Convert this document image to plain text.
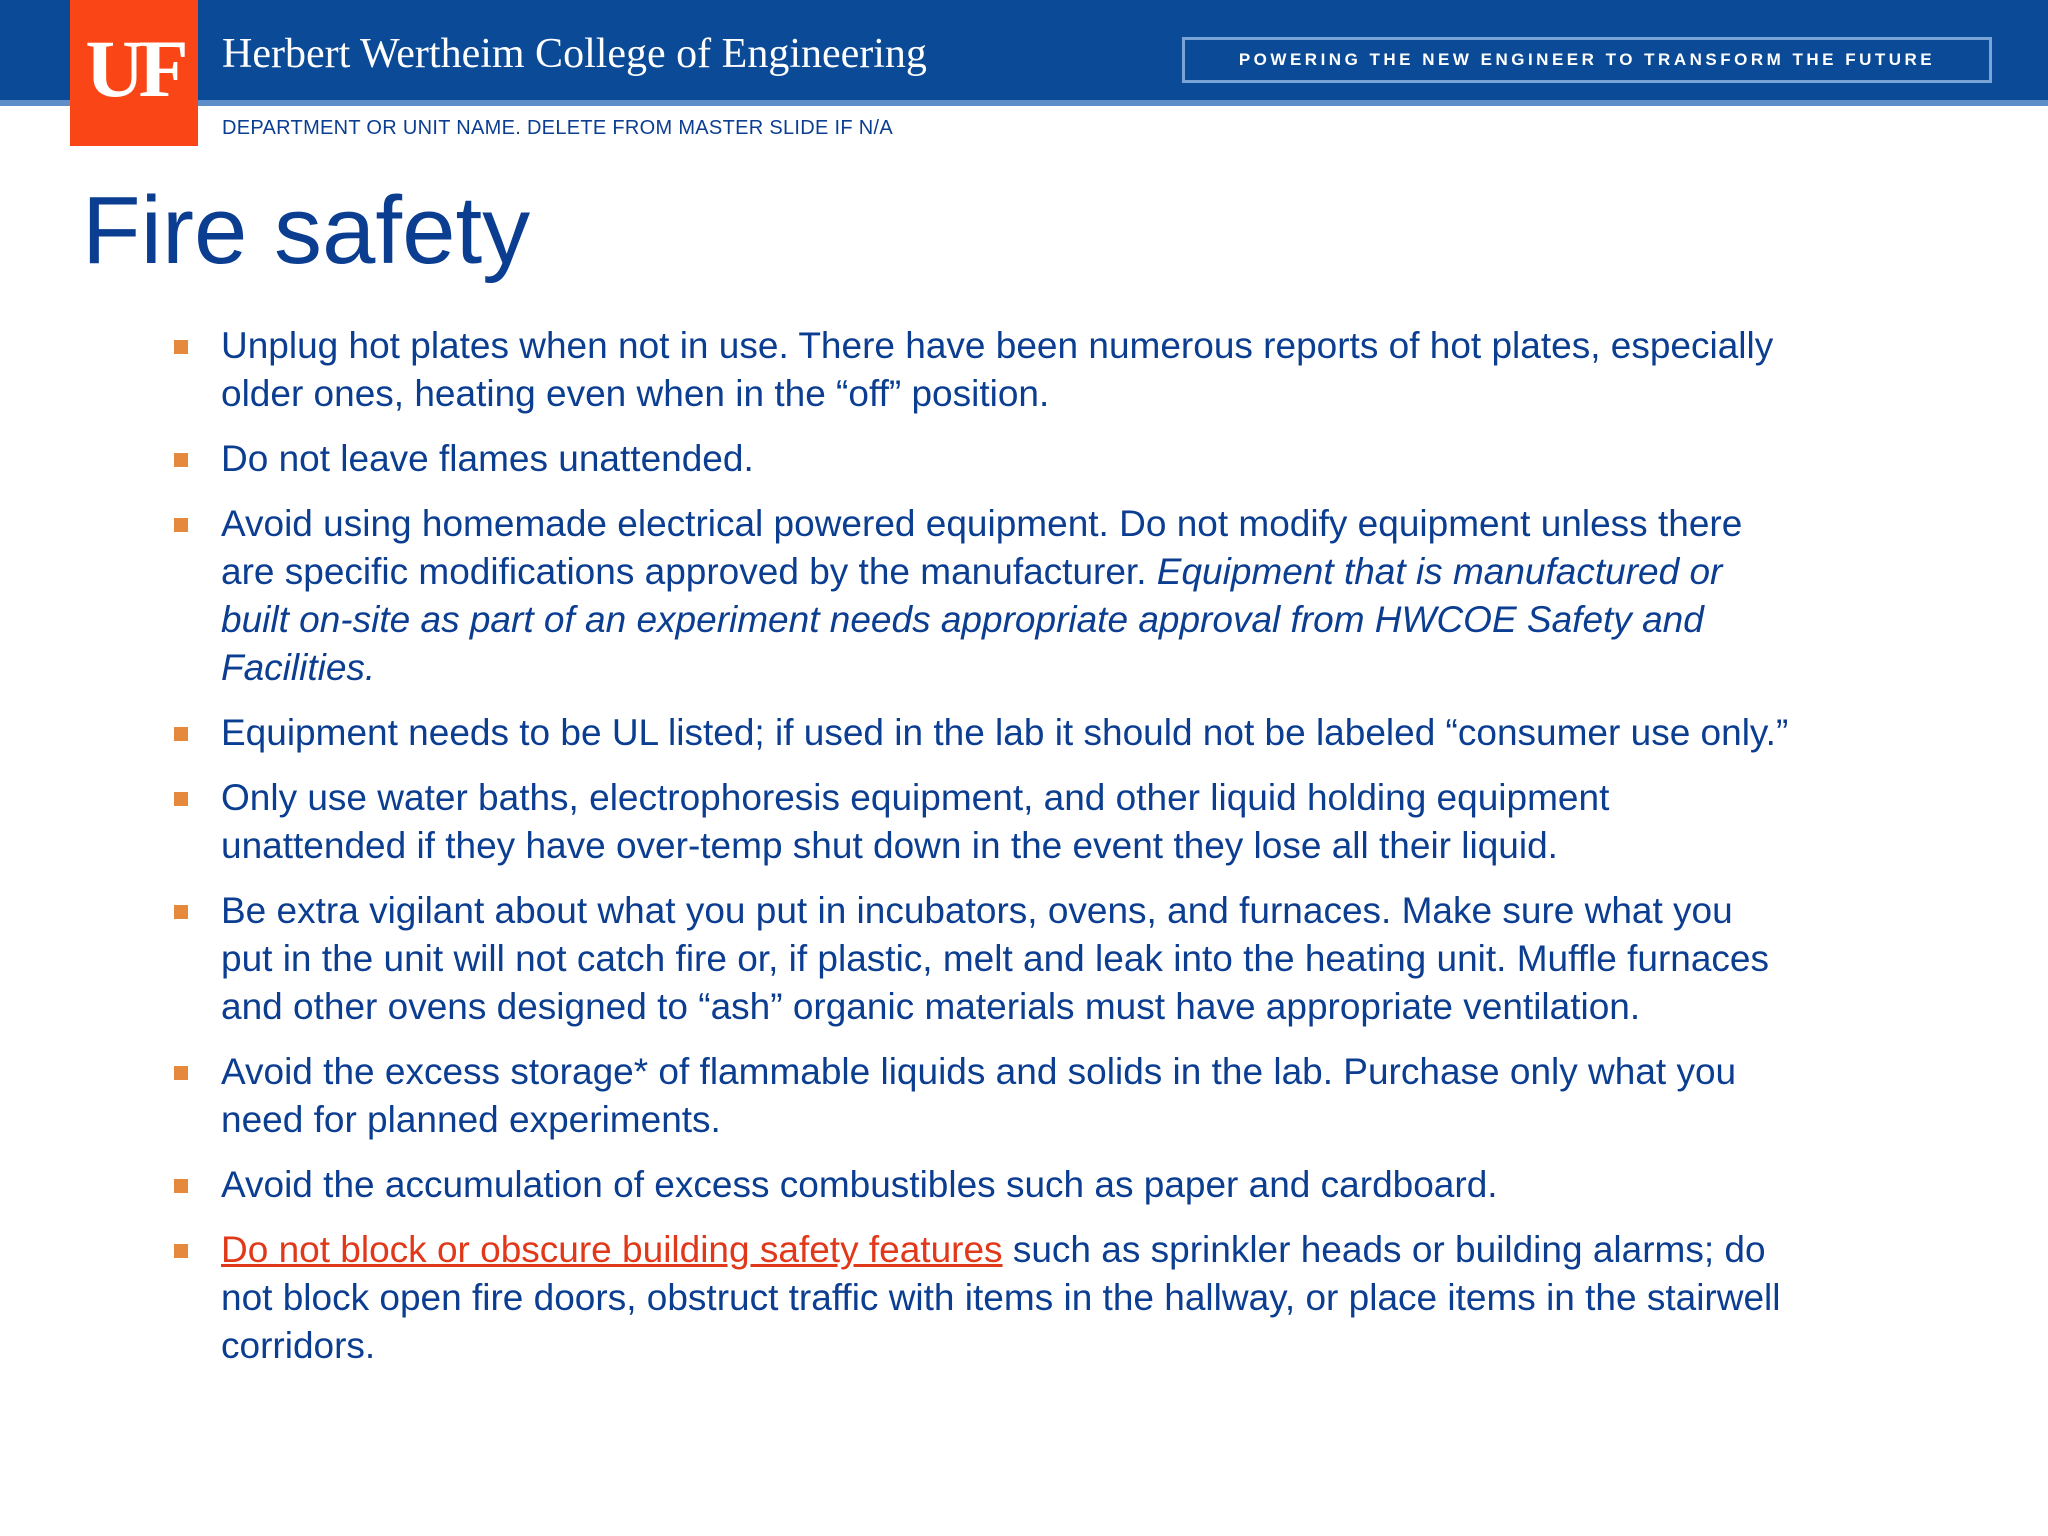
UF Herbert Wertheim College of Engineering	POWERING THE NEW ENGINEER TO TRANSFORM THE FUTURE
DEPARTMENT OR UNIT NAME. DELETE FROM MASTER SLIDE IF N/A
Fire safety
Unplug hot plates when not in use. There have been numerous reports of hot plates, especially older ones, heating even when in the “off” position.
Do not leave flames unattended.
Avoid using homemade electrical powered equipment. Do not modify equipment unless there are specific modifications approved by the manufacturer. Equipment that is manufactured or built on-site as part of an experiment needs appropriate approval from HWCOE Safety and Facilities.
Equipment needs to be UL listed; if used in the lab it should not be labeled “consumer use only.”
Only use water baths, electrophoresis equipment, and other liquid holding equipment unattended if they have over-temp shut down in the event they lose all their liquid.
Be extra vigilant about what you put in incubators, ovens, and furnaces. Make sure what you put in the unit will not catch fire or, if plastic, melt and leak into the heating unit. Muffle furnaces and other ovens designed to “ash” organic materials must have appropriate ventilation.
Avoid the excess storage* of flammable liquids and solids in the lab. Purchase only what you need for planned experiments.
Avoid the accumulation of excess combustibles such as paper and cardboard.
Do not block or obscure building safety features such as sprinkler heads or building alarms; do not block open fire doors, obstruct traffic with items in the hallway, or place items in the stairwell corridors.
